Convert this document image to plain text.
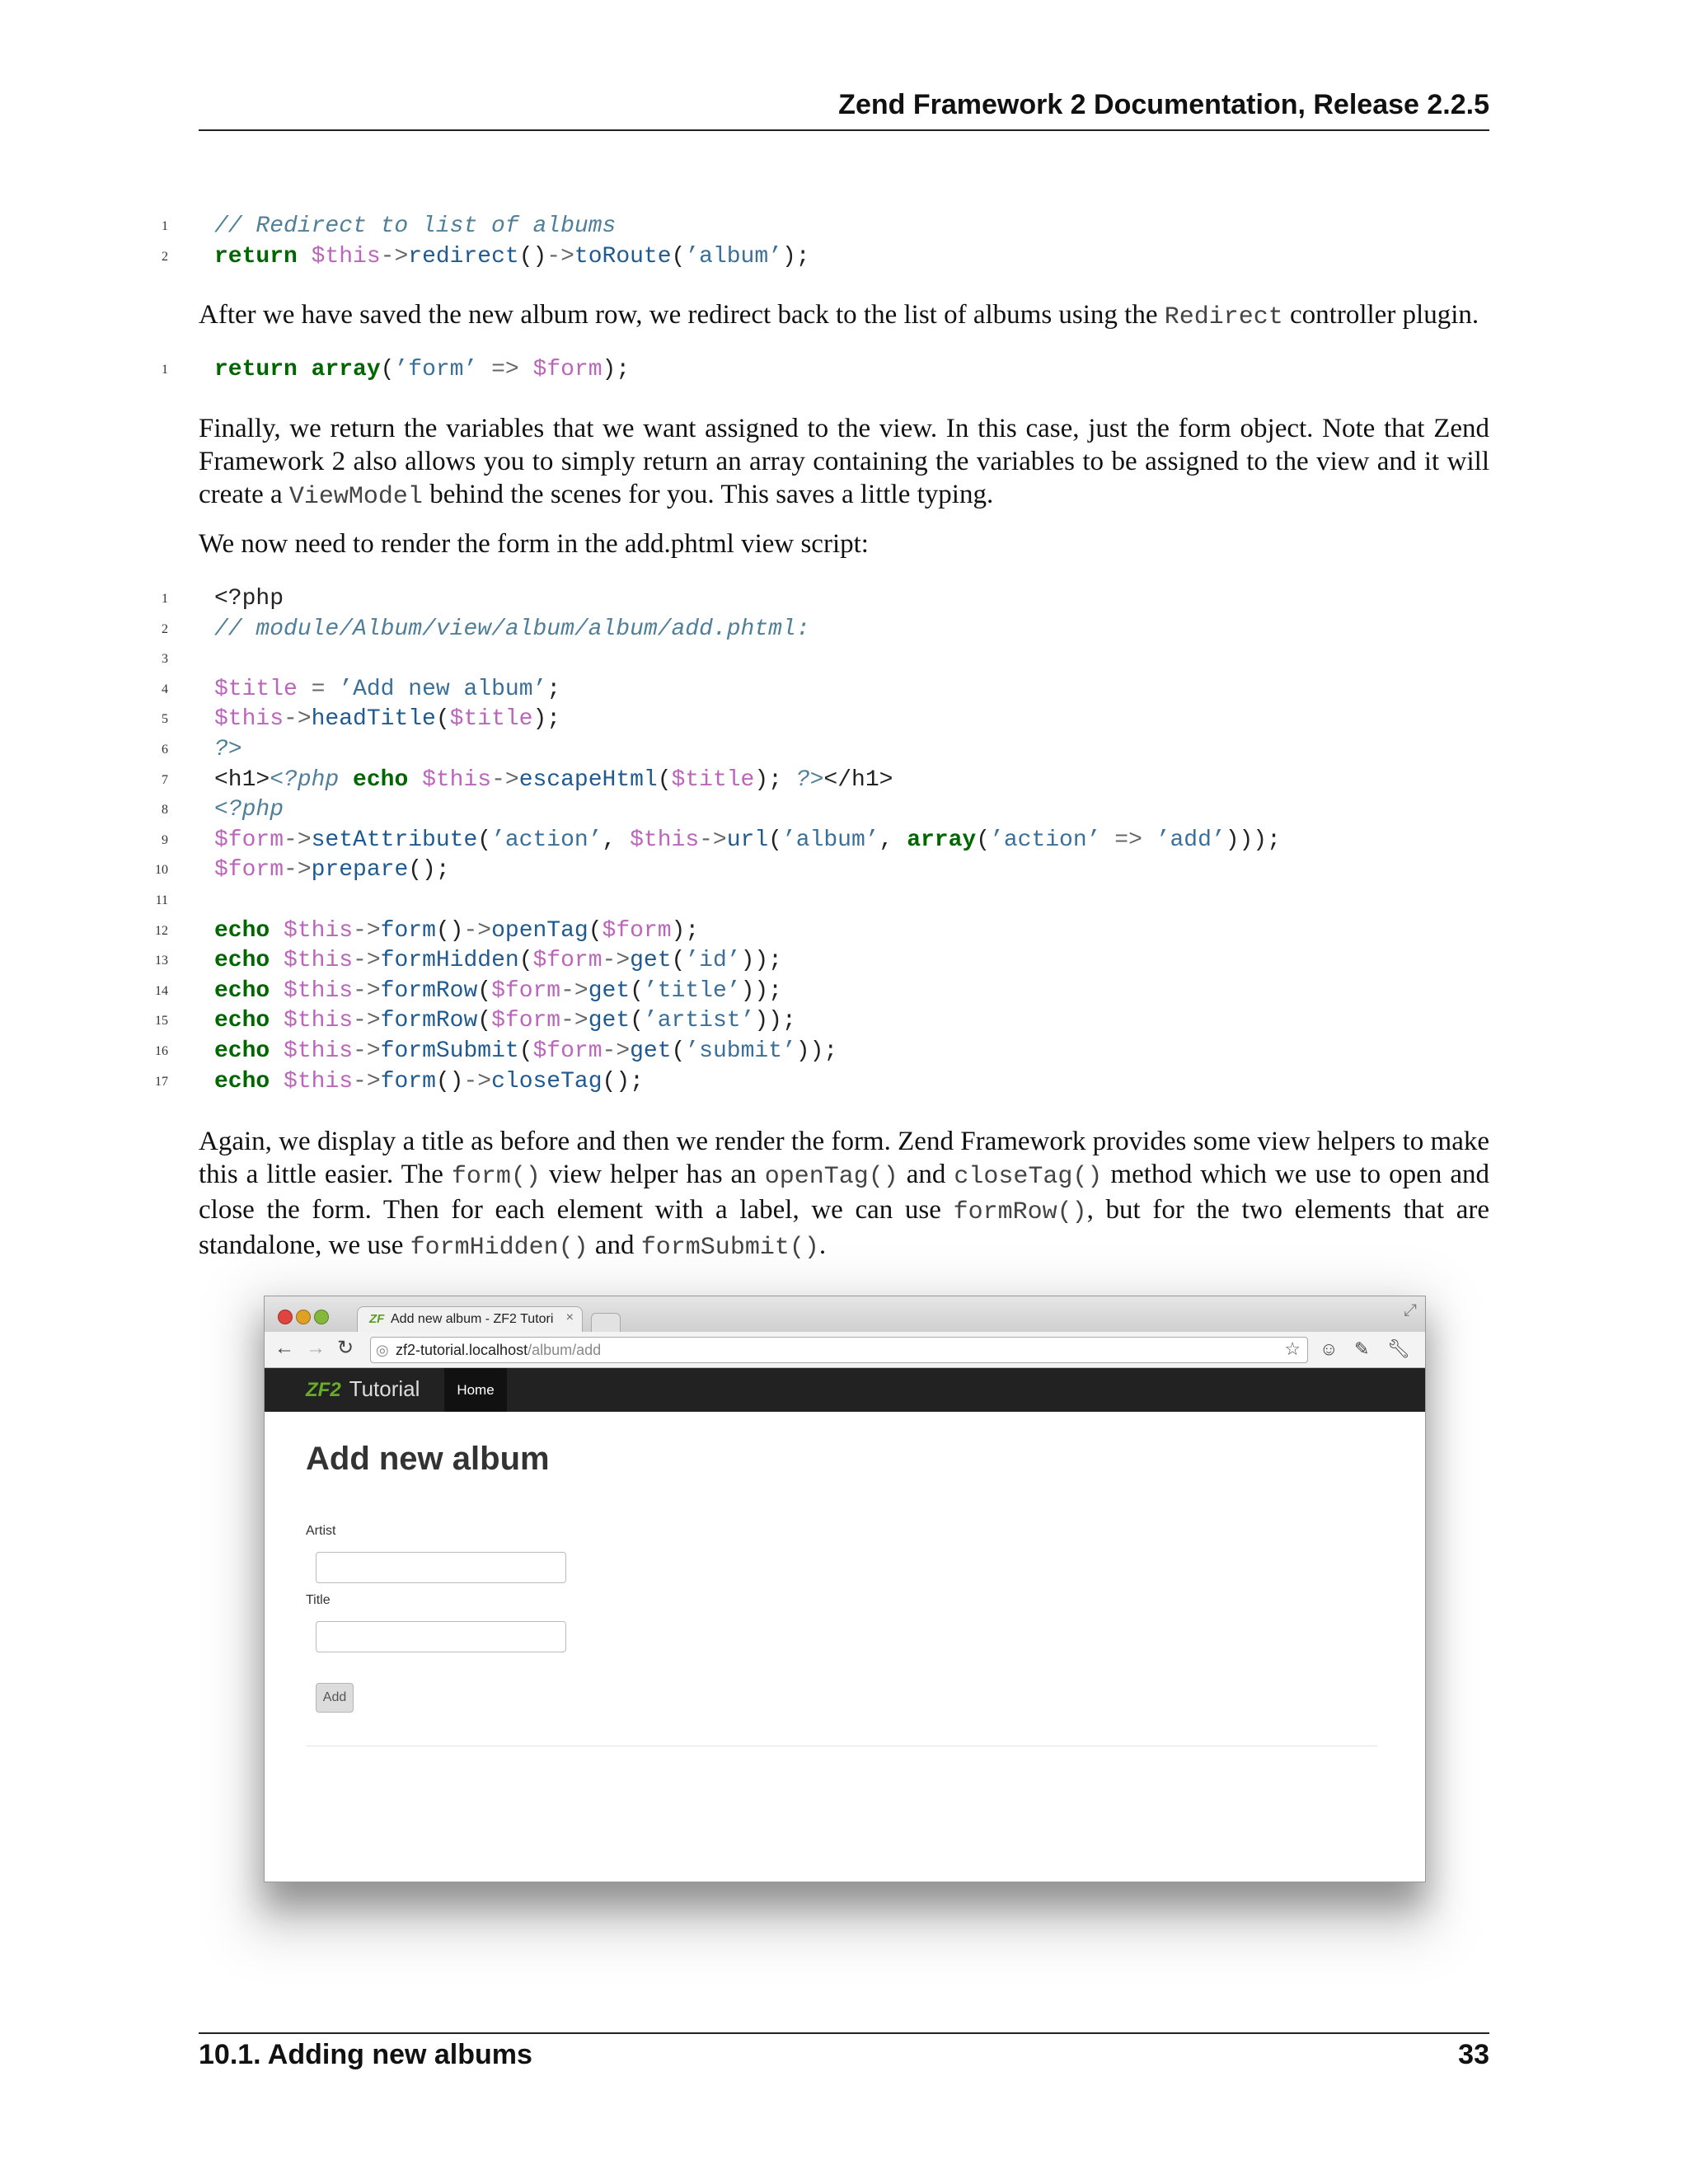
Zend Framework 2 Documentation, Release 2.2.5
1 // Redirect to list of albums
2 return $this->redirect()->toRoute(’album’);

After we have saved the new album row, we redirect back to the list of albums using the Redirect controller plugin.

1 return array(’form’ => $form);

Finally, we return the variables that we want assigned to the view. In this case, just the form object. Note that Zend Framework 2 also allows you to simply return an array containing the variables to be assigned to the view and it will create a ViewModel behind the scenes for you. This saves a little typing.

We now need to render the form in the add.phtml view script:

1 <?php
2 // module/Album/view/album/album/add.phtml:
3
4 $title = ’Add new album’;
5 $this->headTitle($title);
6 ?>
7 <h1><?php echo $this->escapeHtml($title); ?></h1>
8 <?php
9 $form->setAttribute(’action’, $this->url(’album’, array(’action’ => ’add’)));
10 $form->prepare();
11
12 echo $this->form()->openTag($form);
13 echo $this->formHidden($form->get(’id’));
14 echo $this->formRow($form->get(’title’));
15 echo $this->formRow($form->get(’artist’));
16 echo $this->formSubmit($form->get(’submit’));
17 echo $this->form()->closeTag();

Again, we display a title as before and then we render the form. Zend Framework provides some view helpers to make this a little easier. The form() view helper has an openTag() and closeTag() method which we use to open and close the form. Then for each element with a label, we can use formRow(), but for the two elements that are standalone, we use formHidden() and formSubmit().

ZF Add new album - ZF2 Tutori ×	⤢
← → ↻ ◎ zf2-tutorial.localhost/album/add	☆ ☺ ✎ 🔧︎
ZF2 Tutorial	Home
Add new album
Artist
Title
Add
10.1. Adding new albums	33
